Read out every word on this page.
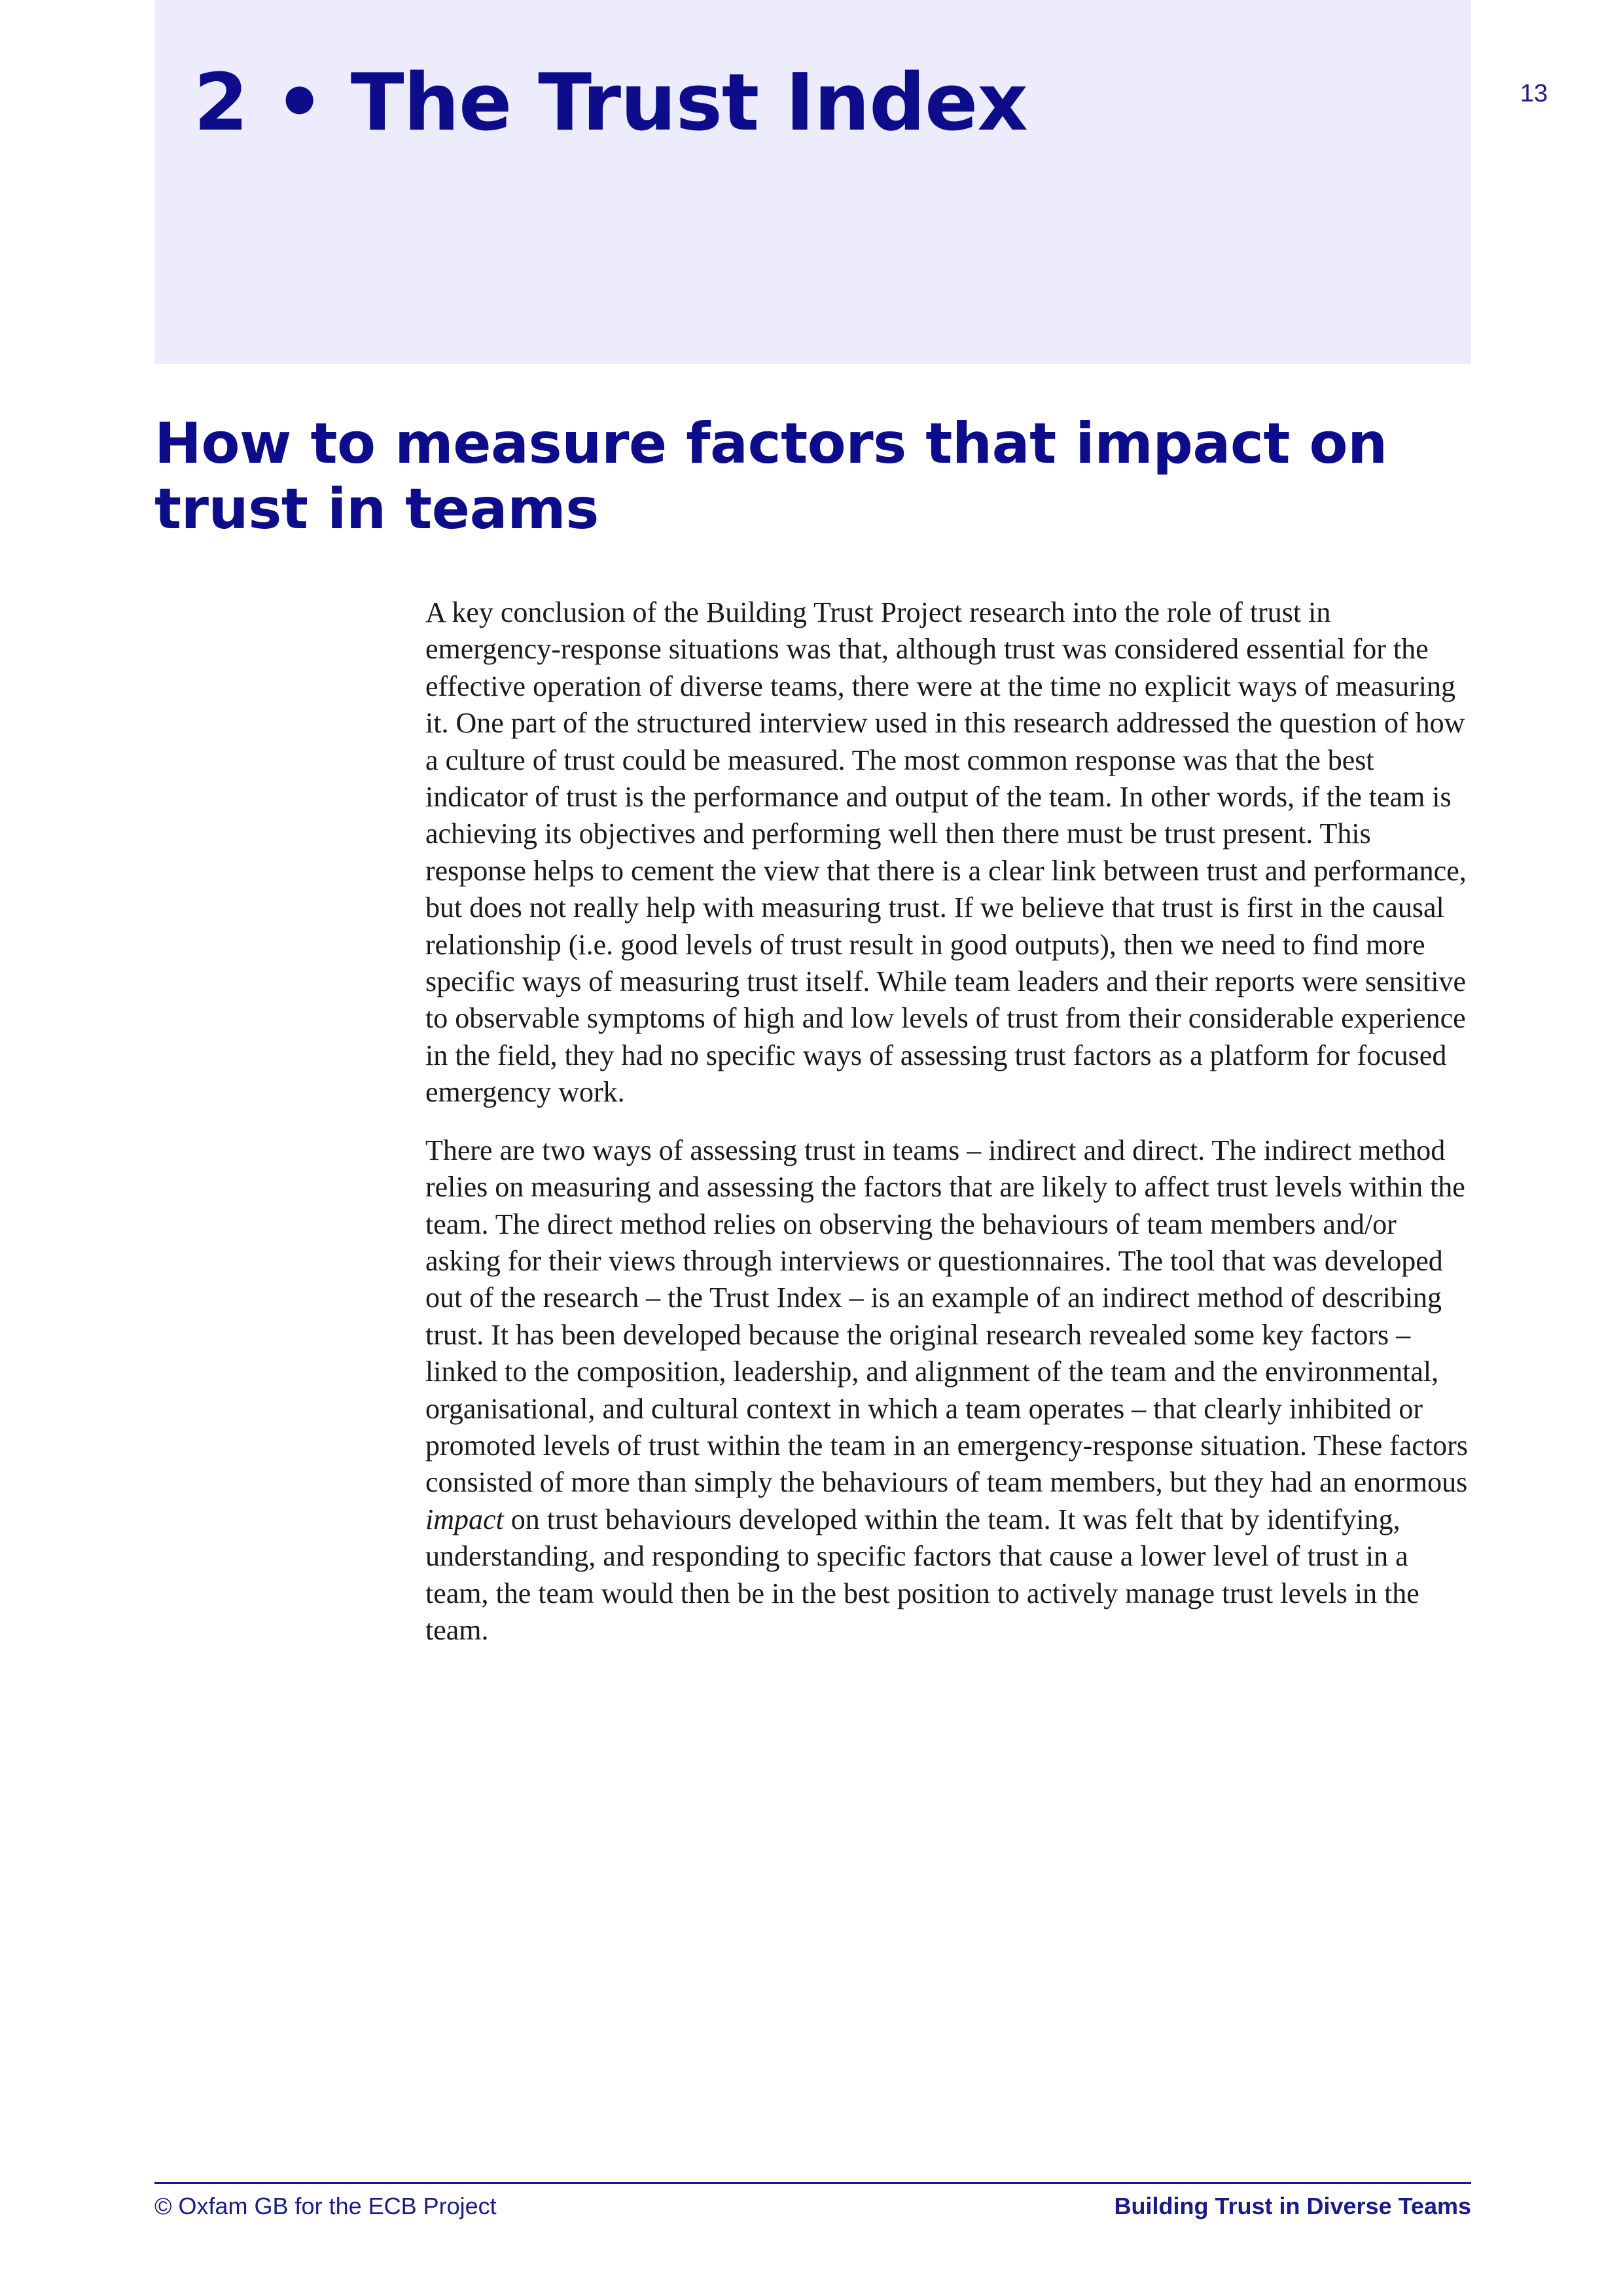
2 • The Trust Index	13
How to measure factors that impact on trust in teams

A key conclusion of the Building Trust Project research into the role of trust in emergency-response situations was that, although trust was considered essential for the effective operation of diverse teams, there were at the time no explicit ways of measuring it. One part of the structured interview used in this research addressed the question of how a culture of trust could be measured. The most common response was that the best indicator of trust is the performance and output of the team. In other words, if the team is achieving its objectives and performing well then there must be trust present. This response helps to cement the view that there is a clear link between trust and performance, but does not really help with measuring trust. If we believe that trust is first in the causal relationship (i.e. good levels of trust result in good outputs), then we need to find more specific ways of measuring trust itself. While team leaders and their reports were sensitive to observable symptoms of high and low levels of trust from their considerable experience in the field, they had no specific ways of assessing trust factors as a platform for focused emergency work.

There are two ways of assessing trust in teams – indirect and direct. The indirect method relies on measuring and assessing the factors that are likely to affect trust levels within the team. The direct method relies on observing the behaviours of team members and/or asking for their views through interviews or questionnaires. The tool that was developed out of the research – the Trust Index – is an example of an indirect method of describing trust. It has been developed because the original research revealed some key factors – linked to the composition, leadership, and alignment of the team and the environmental, organisational, and cultural context in which a team operates – that clearly inhibited or promoted levels of trust within the team in an emergency-response situation. These factors consisted of more than simply the behaviours of team members, but they had an enormous impact on trust behaviours developed within the team. It was felt that by identifying, understanding, and responding to specific factors that cause a lower level of trust in a team, the team would then be in the best position to actively manage trust levels in the team.

© Oxfam GB for the ECB Project	Building Trust in Diverse Teams
